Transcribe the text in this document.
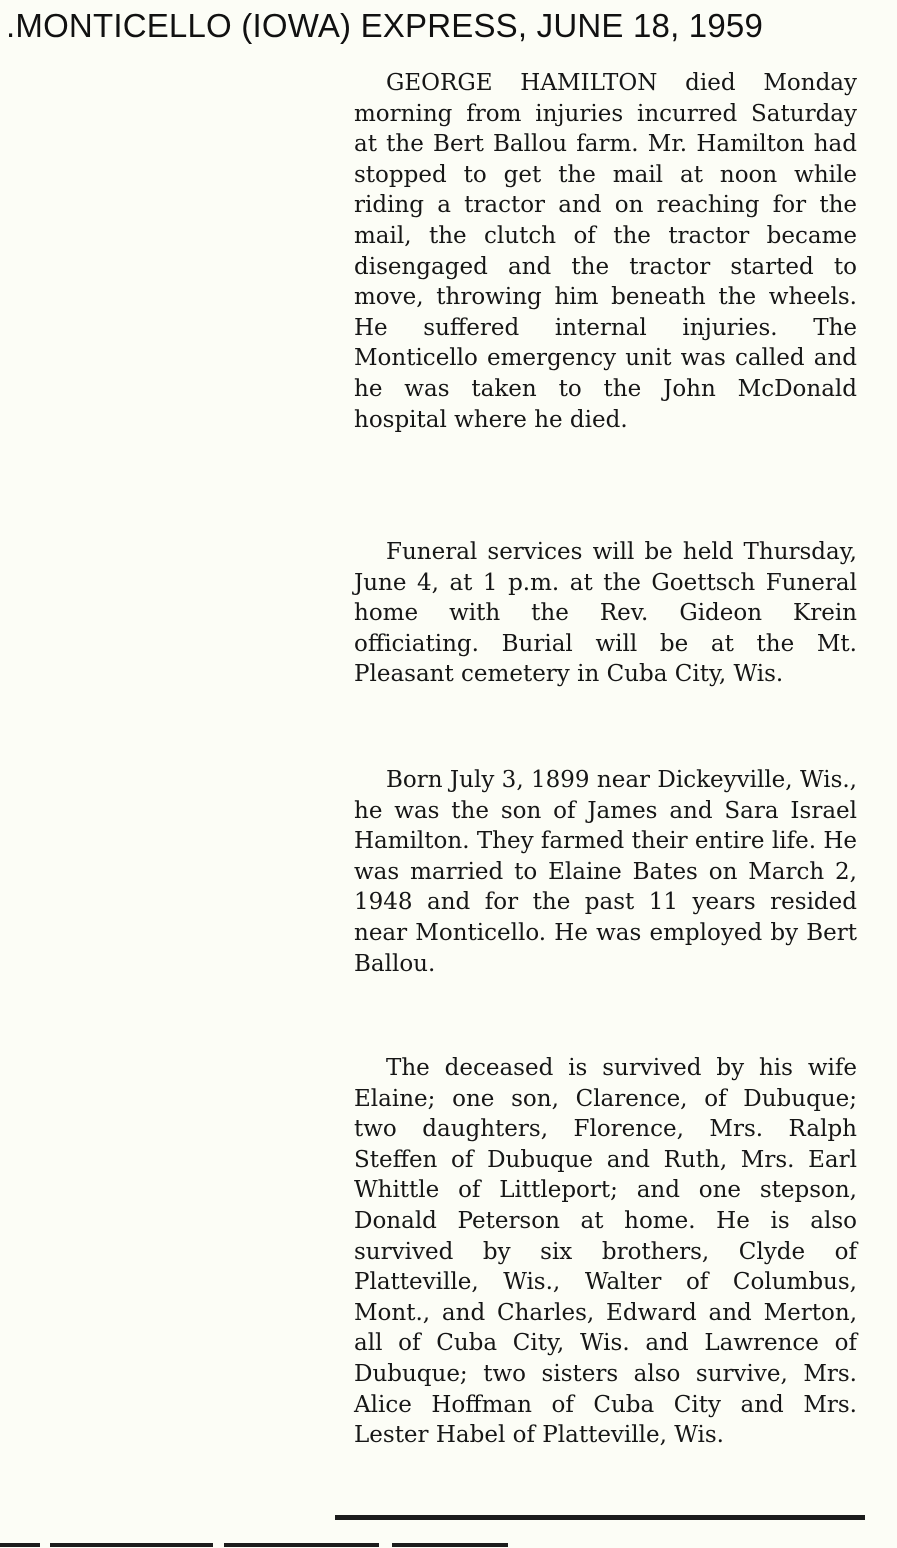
.MONTICELLO (IOWA) EXPRESS, JUNE 18, 1959

GEORGE HAMILTON died Monday morning from injuries incurred Saturday at the Bert Ballou farm. Mr. Hamilton had stopped to get the mail at noon while riding a tractor and on reaching for the mail, the clutch of the tractor became disengaged and the tractor started to move, throwing him beneath the wheels. He suffered internal injuries. The Monticello emergency unit was called and he was taken to the John McDonald hospital where he died.

Funeral services will be held Thursday, June 4, at 1 p.m. at the Goettsch Funeral home with the Rev. Gideon Krein officiating. Burial will be at the Mt. Pleasant cemetery in Cuba City, Wis.

Born July 3, 1899 near Dickeyville, Wis., he was the son of James and Sara Israel Hamilton. They farmed their entire life. He was married to Elaine Bates on March 2, 1948 and for the past 11 years resided near Monticello. He was employed by Bert Ballou.

The deceased is survived by his wife Elaine; one son, Clarence, of Dubuque; two daughters, Florence, Mrs. Ralph Steffen of Dubuque and Ruth, Mrs. Earl Whittle of Littleport; and one stepson, Donald Peterson at home. He is also survived by six brothers, Clyde of Platteville, Wis., Walter of Columbus, Mont., and Charles, Edward and Merton, all of Cuba City, Wis. and Lawrence of Dubuque; two sisters also survive, Mrs. Alice Hoffman of Cuba City and Mrs. Lester Habel of Platteville, Wis.
